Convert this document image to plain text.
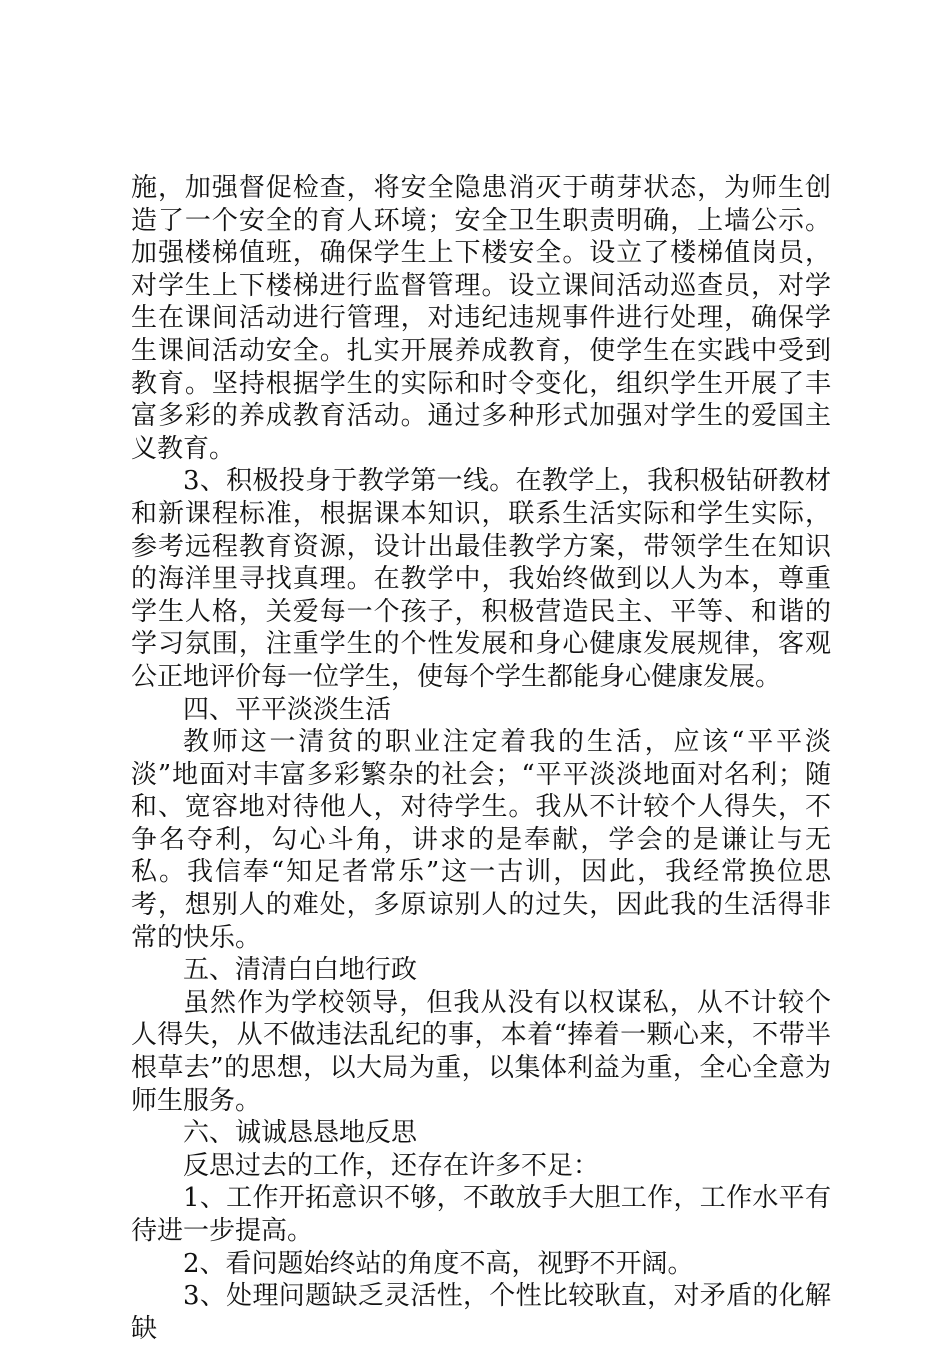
施，加强督促检查，将安全隐患消灭于萌芽状态，为师生创造了一个安全的育人环境；安全卫生职责明确，上墙公示。加强楼梯值班，确保学生上下楼安全。设立了楼梯值岗员，对学生上下楼梯进行监督管理。设立课间活动巡查员，对学生在课间活动进行管理，对违纪违规事件进行处理，确保学生课间活动安全。扎实开展养成教育，使学生在实践中受到教育。坚持根据学生的实际和时令变化，组织学生开展了丰富多彩的养成教育活动。通过多种形式加强对学生的爱国主义教育。

3、积极投身于教学第一线。在教学上，我积极钻研教材和新课程标准，根据课本知识，联系生活实际和学生实际，参考远程教育资源，设计出最佳教学方案，带领学生在知识的海洋里寻找真理。在教学中，我始终做到以人为本，尊重学生人格，关爱每一个孩子，积极营造民主、平等、和谐的学习氛围，注重学生的个性发展和身心健康发展规律，客观公正地评价每一位学生，使每个学生都能身心健康发展。

四、平平淡淡生活

教师这一清贫的职业注定着我的生活，应该“平平淡淡”地面对丰富多彩繁杂的社会；“平平淡淡地面对名利；随和、宽容地对待他人，对待学生。我从不计较个人得失，不争名夺利，勾心斗角，讲求的是奉献，学会的是谦让与无私。我信奉“知足者常乐”这一古训，因此，我经常换位思考，想别人的难处，多原谅别人的过失，因此我的生活得非常的快乐。

五、清清白白地行政

虽然作为学校领导，但我从没有以权谋私，从不计较个人得失，从不做违法乱纪的事，本着“捧着一颗心来，不带半根草去”的思想，以大局为重，以集体利益为重，全心全意为师生服务。

六、诚诚恳恳地反思

反思过去的工作，还存在许多不足：

1、工作开拓意识不够，不敢放手大胆工作，工作水平有待进一步提高。

2、看问题始终站的角度不高，视野不开阔。

3、处理问题缺乏灵活性，个性比较耿直，对矛盾的化解缺
